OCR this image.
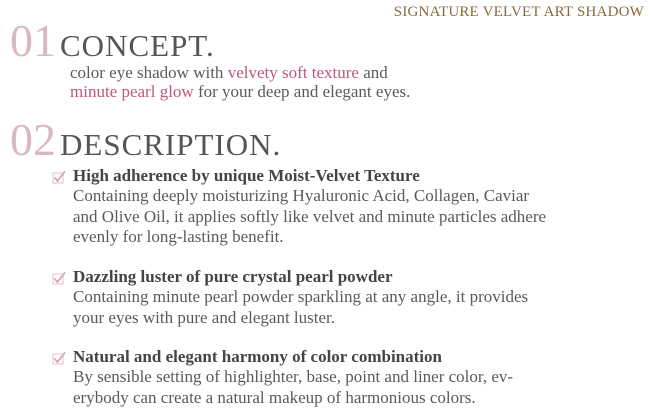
SIGNATURE VELVET ART SHADOW
01 CONCEPT.
color eye shadow with velvety soft texture and
minute pearl glow for your deep and elegant eyes.
02 DESCRIPTION.
High adherence by unique Moist-Velvet Texture
Containing deeply moisturizing Hyaluronic Acid, Collagen, Caviar
and Olive Oil, it applies softly like velvet and minute particles adhere
evenly for long-lasting benefit.
Dazzling luster of pure crystal pearl powder
Containing minute pearl powder sparkling at any angle, it provides
your eyes with pure and elegant luster.
Natural and elegant harmony of color combination
By sensible setting of highlighter, base, point and liner color, ev-
erybody can create a natural makeup of harmonious colors.
